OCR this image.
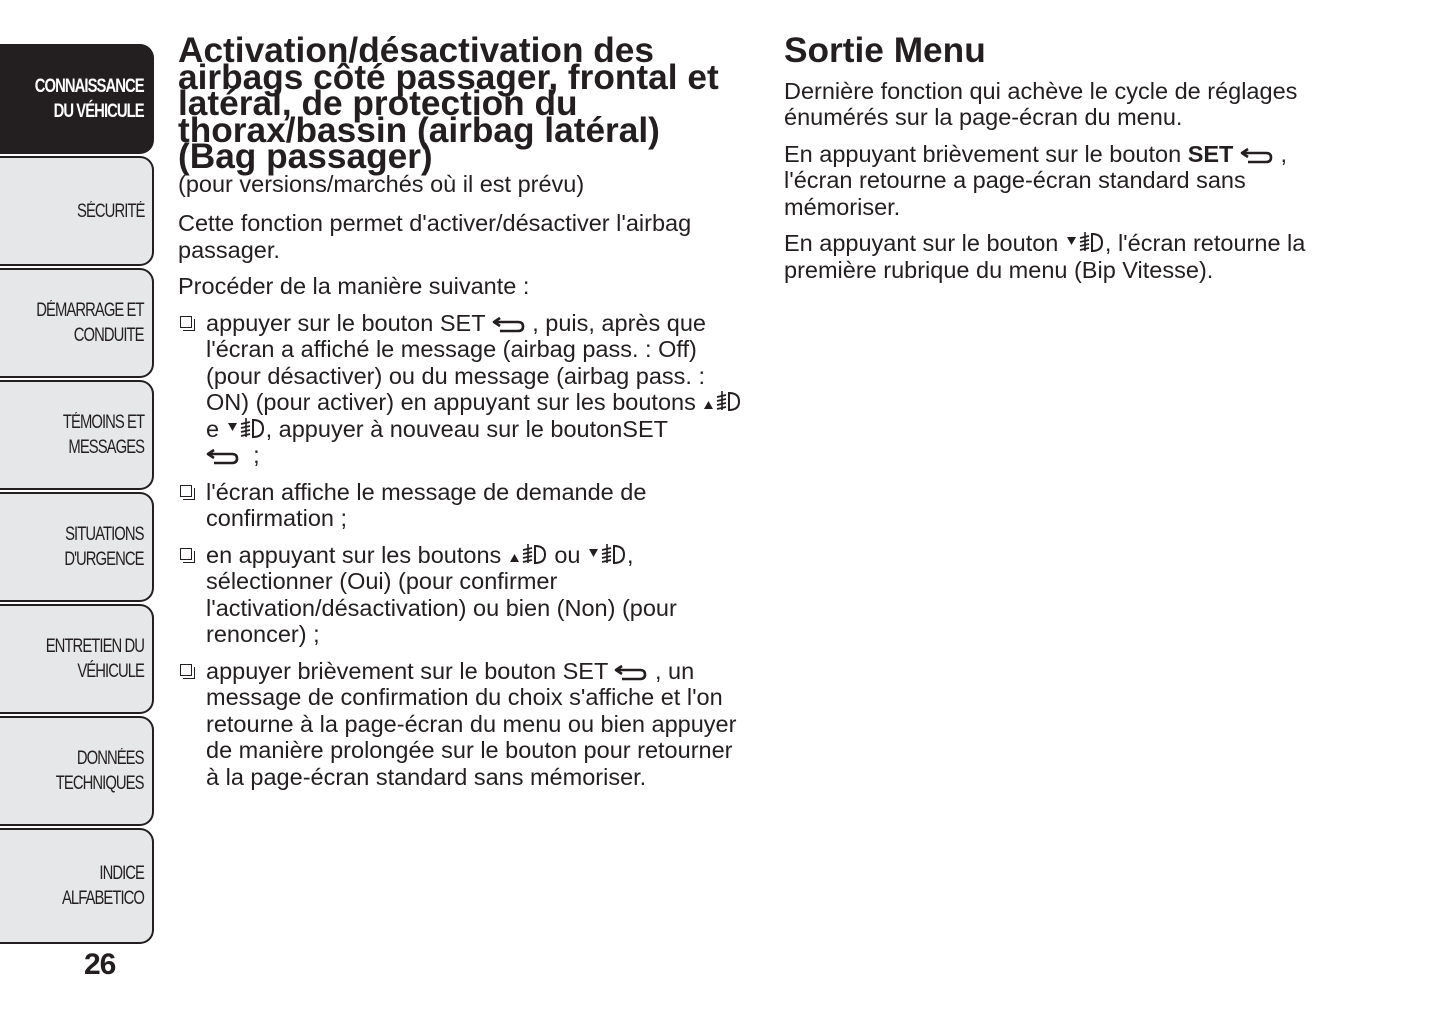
CONNAISSANCE
DU VÉHICULE
SÉCURITÉ
DÉMARRAGE ET
CONDUITE
TÉMOINS ET
MESSAGES
SITUATIONS
D'URGENCE
ENTRETIEN DU
VÉHICULE
DONNÉES
TECHNIQUES
INDICE ALFABETICO
26
Activation/désactivation des airbags côté passager, frontal et latéral, de protection du thorax/bassin (airbag latéral) (Bag passager)

(pour versions/marchés où il est prévu)

Cette fonction permet d'activer/désactiver l'airbag passager.

Procéder de la manière suivante :

appuyer sur le bouton SET , puis, après que l'écran a affiché le message (airbag pass. : Off) (pour désactiver) ou du message (airbag pass. : ON) (pour activer) en appuyant sur les boutons  e , appuyer à nouveau sur le boutonSET
;
l'écran affiche le message de demande de confirmation ;
en appuyant sur les boutons ou , sélectionner (Oui) (pour confirmer l'activation/désactivation) ou bien (Non) (pour renoncer) ;
appuyer brièvement sur le bouton SET , un message de confirmation du choix s'affiche et l'on retourne à la page-écran du menu ou bien appuyer de manière prolongée sur le bouton pour retourner à la page-écran standard sans mémoriser.
Sortie Menu

Dernière fonction qui achève le cycle de réglages énumérés sur la page-écran du menu.

En appuyant brièvement sur le bouton SET , l'écran retourne a page-écran standard sans mémoriser.

En appuyant sur le bouton , l'écran retourne la première rubrique du menu (Bip Vitesse).
